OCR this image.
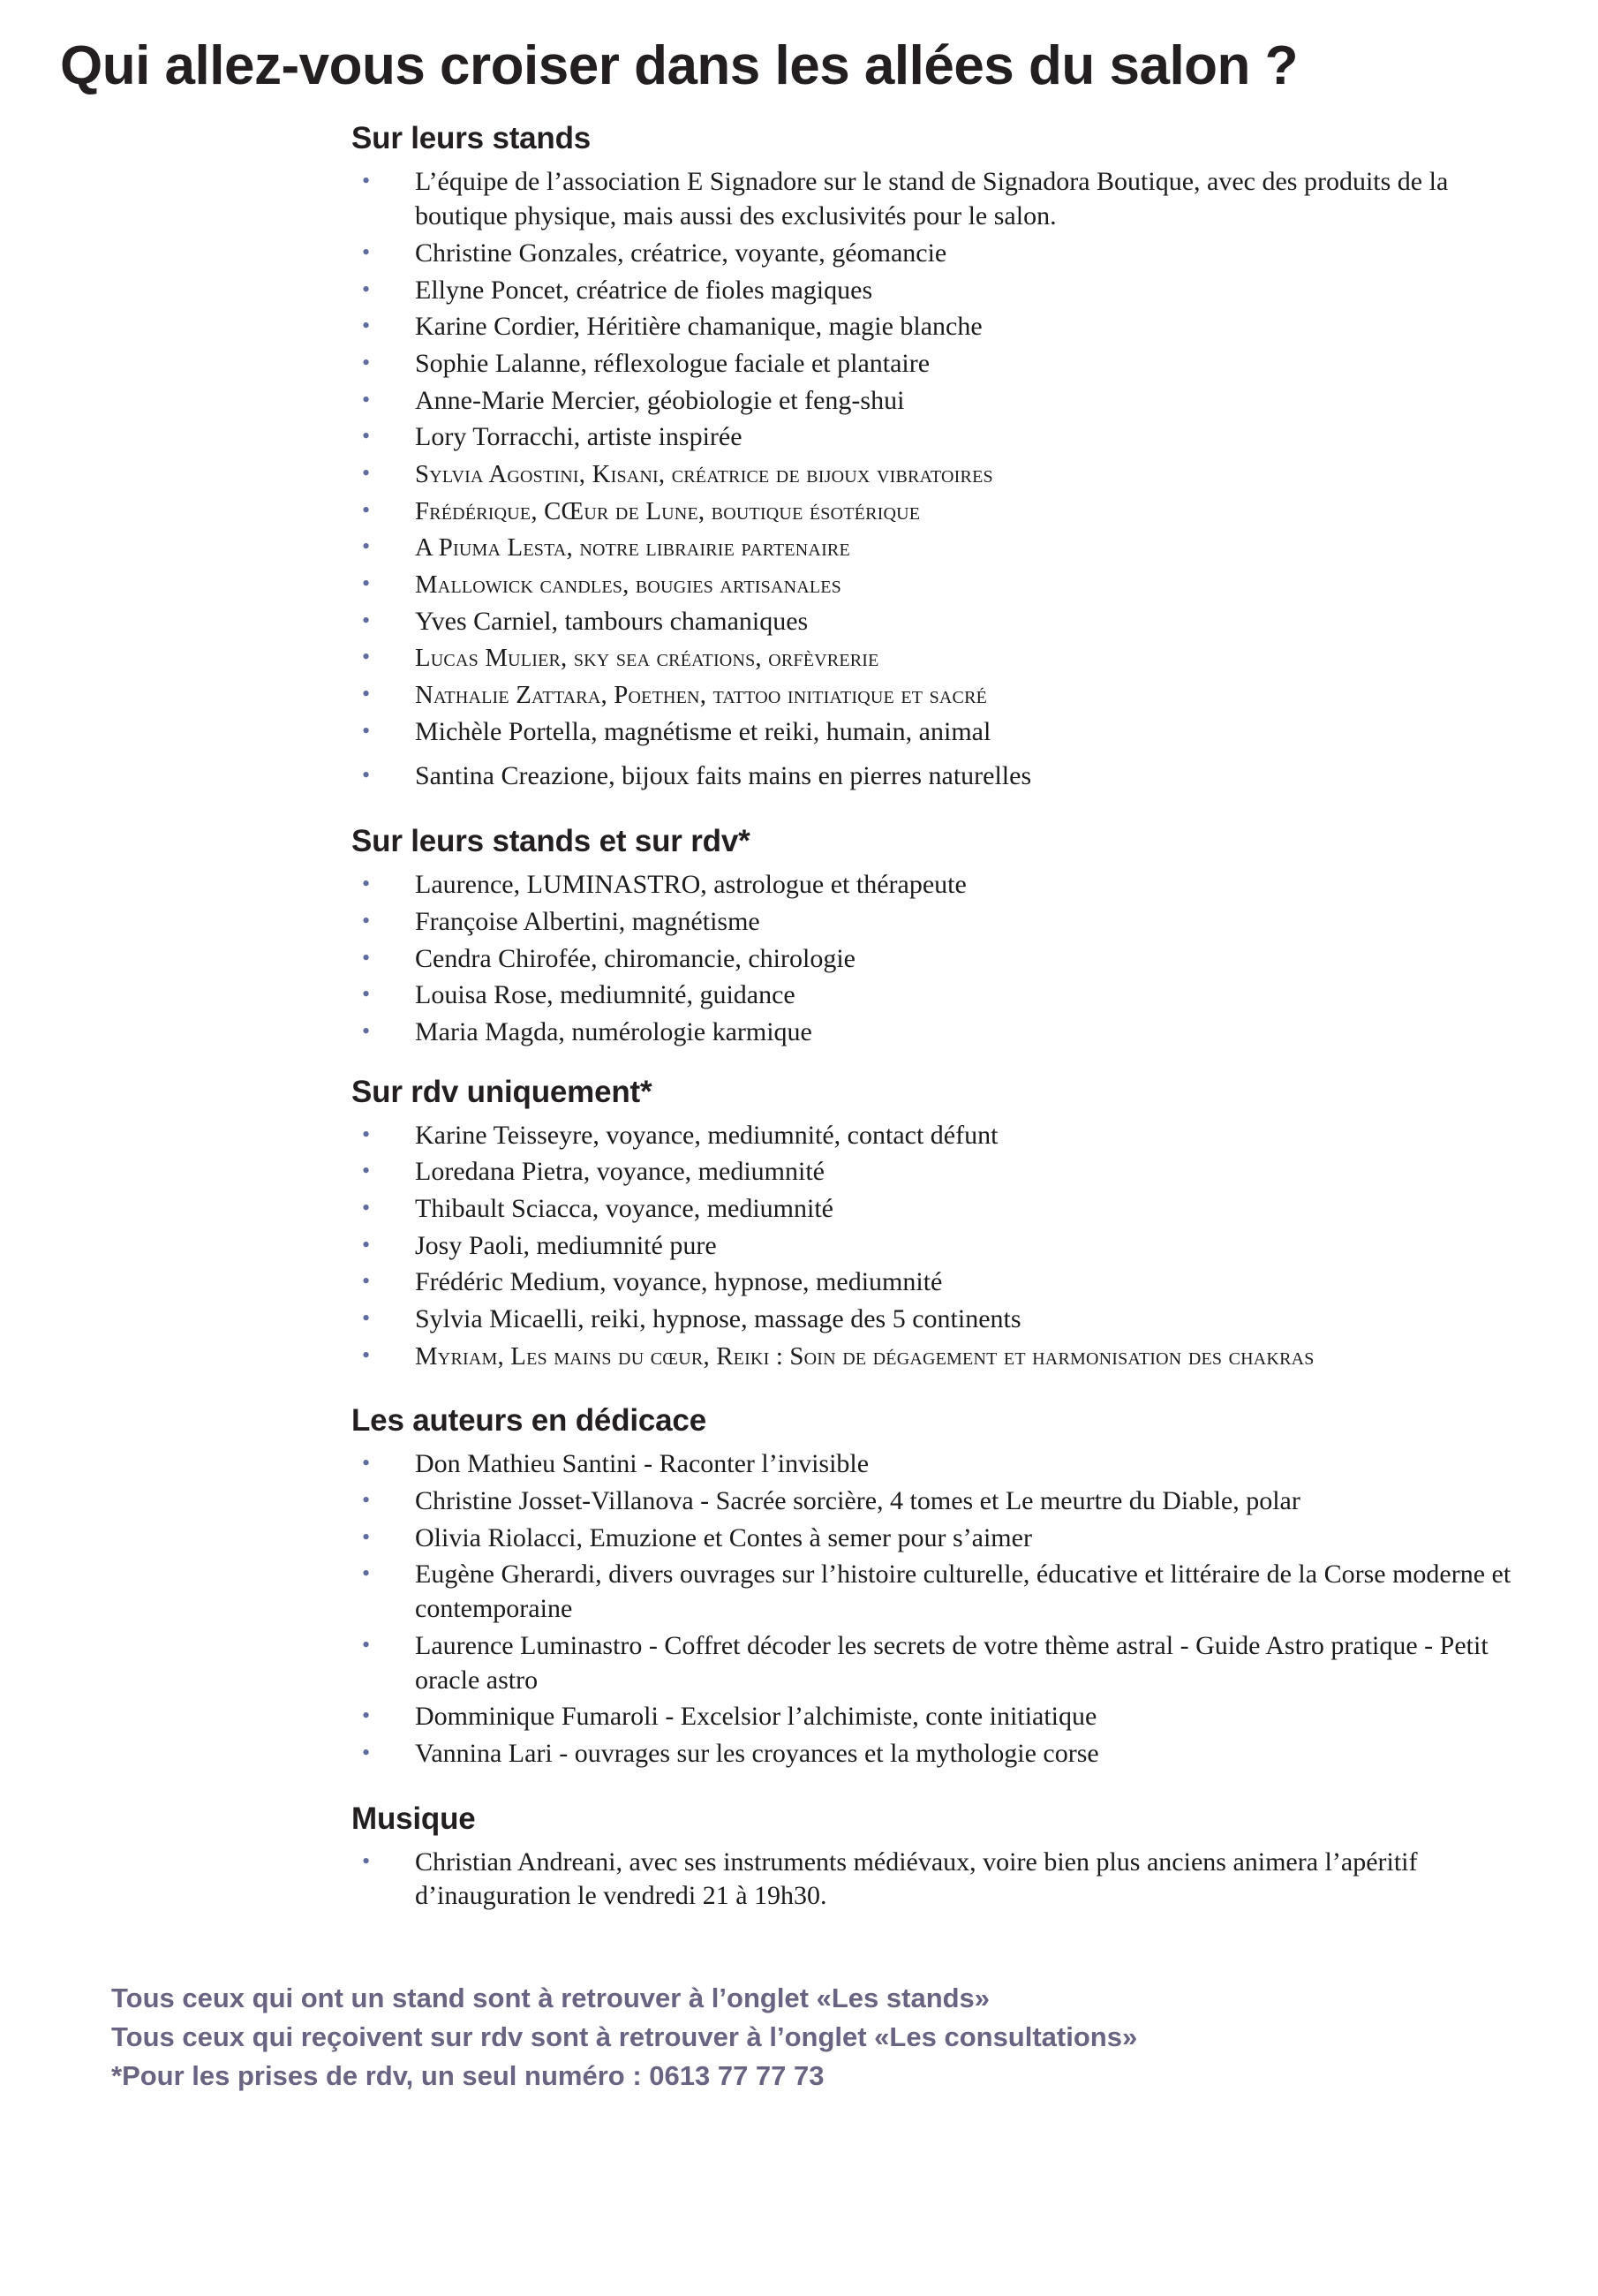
Qui allez-vous croiser dans les allées du salon ?
Sur leurs stands
• L’équipe de l’association E Signadore sur le stand de Signadora Boutique, avec des produits de la boutique physique, mais aussi des exclusivités pour le salon.
• Christine Gonzales, créatrice, voyante, géomancie
• Ellyne Poncet, créatrice de fioles magiques
• Karine Cordier, Héritière chamanique, magie blanche
• Sophie Lalanne, réflexologue faciale et plantaire
• Anne-Marie Mercier, géobiologie et feng-shui
• Lory Torracchi, artiste inspirée
• Sylvia Agostini, Kisani, créatrice de bijoux vibratoires
• Frédérique, CŒur de Lune, boutique ésotérique
• A Piuma Lesta, notre librairie partenaire
• Mallowick candles, bougies artisanales
• Yves Carniel, tambours chamaniques
• Lucas Mulier, sky sea créations, orfèvrerie
• Nathalie Zattara, Poethen, tattoo initiatique et sacré
• Michèle Portella, magnétisme et reiki, humain, animal
• Santina Creazione, bijoux faits mains en pierres naturelles
Sur leurs stands et sur rdv*
• Laurence, LUMINASTRO, astrologue et thérapeute
• Françoise Albertini, magnétisme
• Cendra Chirofée, chiromancie, chirologie
• Louisa Rose, mediumnité, guidance
• Maria Magda, numérologie karmique
Sur rdv uniquement*
• Karine Teisseyre, voyance, mediumnité, contact défunt
• Loredana Pietra, voyance, mediumnité
• Thibault Sciacca, voyance, mediumnité
• Josy Paoli, mediumnité pure
• Frédéric Medium, voyance, hypnose, mediumnité
• Sylvia Micaelli, reiki, hypnose, massage des 5 continents
• Myriam, Les mains du cœur, Reiki : Soin de dégagement et harmonisation des chakras
Les auteurs en dédicace
• Don Mathieu Santini - Raconter l’invisible
• Christine Josset-Villanova - Sacrée sorcière, 4 tomes et Le meurtre du Diable, polar
• Olivia Riolacci, Emuzione et Contes à semer pour s’aimer
• Eugène Gherardi, divers ouvrages sur l’histoire culturelle, éducative et littéraire de la Corse moderne et contemporaine
• Laurence Luminastro - Coffret décoder les secrets de votre thème astral - Guide Astro pratique - Petit oracle astro
• Domminique Fumaroli - Excelsior l’alchimiste, conte initiatique
• Vannina Lari - ouvrages sur les croyances et la mythologie corse
Musique
• Christian Andreani, avec ses instruments médiévaux, voire bien plus anciens animera l’apéritif d’inauguration le vendredi 21 à 19h30.
Tous ceux qui ont un stand sont à retrouver à l’onglet «Les stands»
Tous ceux qui reçoivent sur rdv sont à retrouver à l’onglet «Les consultations»
*Pour les prises de rdv, un seul numéro : 0613 77 77 73
